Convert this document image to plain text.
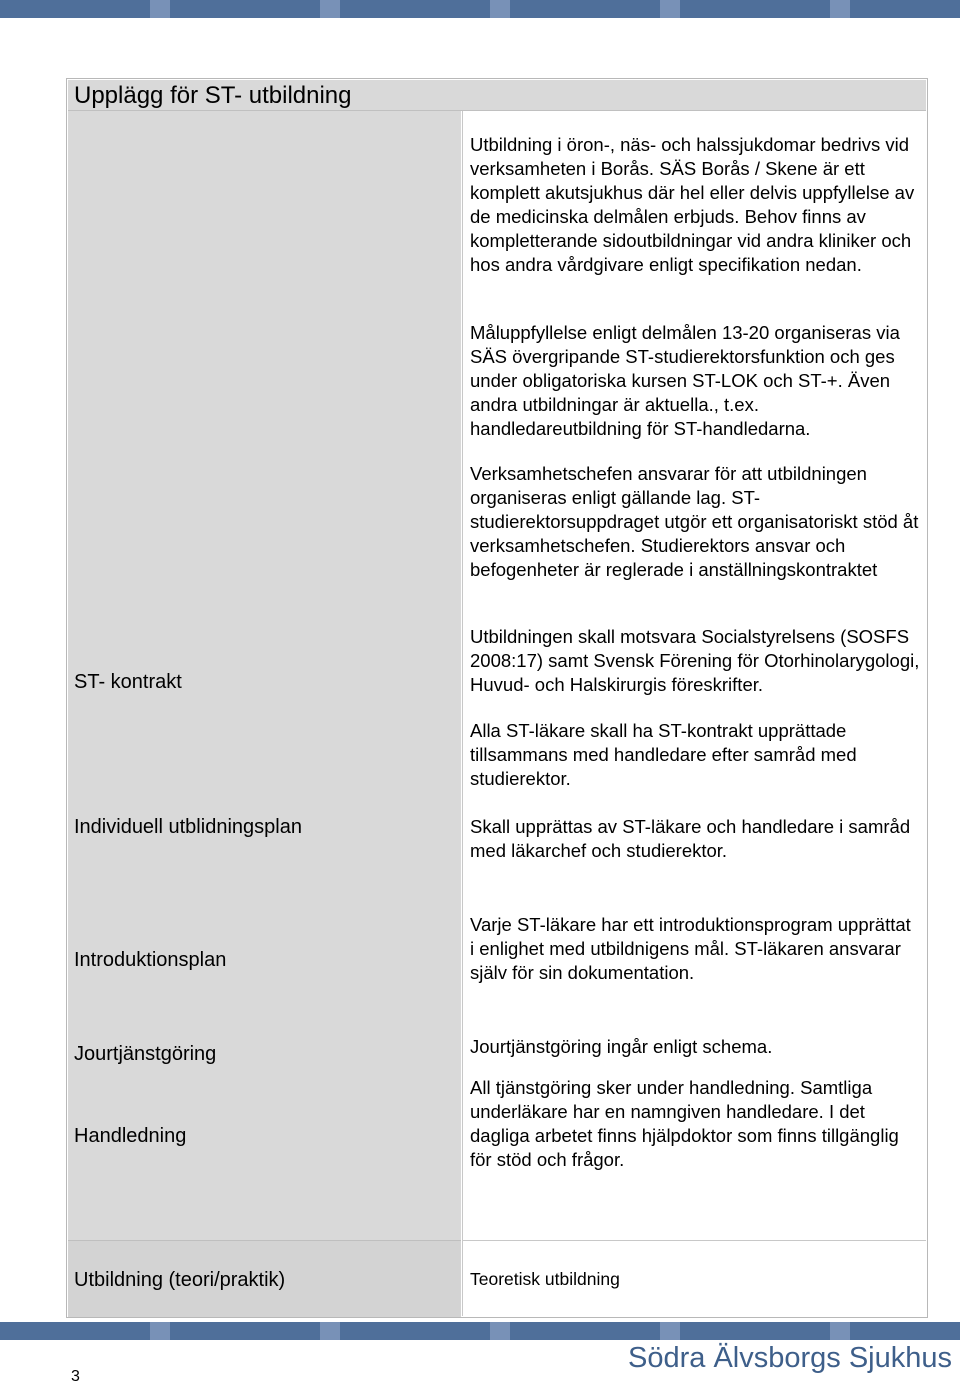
Upplägg för ST- utbildning

Utbildning i öron-, näs- och halssjukdomar bedrivs vid verksamheten i Borås. SÄS Borås / Skene är ett komplett akutsjukhus där hel eller delvis uppfyllelse av de medicinska delmålen erbjuds. Behov finns av kompletterande sidoutbildningar vid andra kliniker och hos andra vårdgivare enligt specifikation nedan.

Måluppfyllelse enligt delmålen 13-20 organiseras via SÄS övergripande ST-studierektorsfunktion och ges under obligatoriska kursen ST-LOK och ST-+. Även andra utbildningar är aktuella., t.ex. handledareutbildning för ST-handledarna.

Verksamhetschefen ansvarar för att utbildningen organiseras enligt gällande lag. ST-studierektorsuppdraget utgör ett organisatoriskt stöd åt verksamhetschefen. Studierektors ansvar och befogenheter är reglerade i anställningskontraktet

Utbildningen skall motsvara Socialstyrelsens (SOSFS 2008:17) samt Svensk Förening för Otorhinolarygologi, Huvud- och Halskirurgis föreskrifter.

Alla ST-läkare skall ha ST-kontrakt upprättade tillsammans med handledare efter samråd med studierektor.

Skall upprättas av ST-läkare och handledare i samråd med läkarchef och studierektor.

Varje ST-läkare har ett introduktionsprogram upprättat i enlighet med utbildnigens mål. ST-läkaren ansvarar själv för sin dokumentation.

Jourtjänstgöring ingår enligt schema.

All tjänstgöring sker under handledning. Samtliga underläkare har en namngiven handledare. I det dagliga arbetet finns hjälpdoktor som finns tillgänglig för stöd och frågor.

Teoretisk utbildning

ST- kontrakt
Individuell utblidningsplan
Introduktionsplan
Jourtjänstgöring
Handledning
Utbildning (teori/praktik)
3
Södra Älvsborgs Sjukhus
